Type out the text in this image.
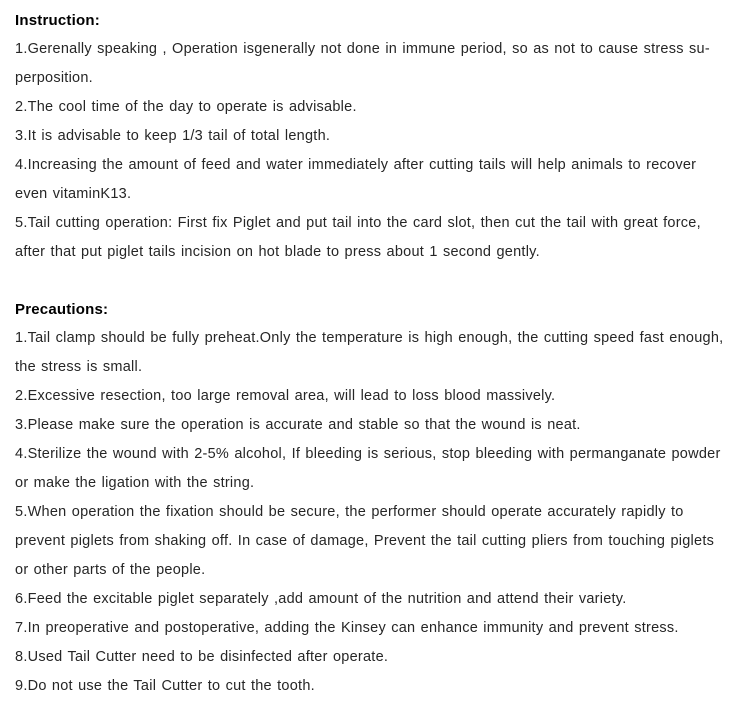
Instruction:

1.Gerenally speaking , Operation isgenerally not done in immune period, so as not to cause stress su-perposition.

2.The cool time of the day to operate is advisable.

3.It is advisable to keep 1/3 tail of total length.

4.Increasing the amount of feed and water immediately after cutting tails will help animals to recover even vitaminK13.

5.Tail cutting operation: First fix Piglet and put tail into the card slot, then cut the tail with great force, after that put piglet tails incision on hot blade to press about 1 second gently.

Precautions:

1.Tail clamp should be fully preheat.Only the temperature is high enough, the cutting speed fast enough, the stress is small.

2.Excessive resection, too large removal area, will lead to loss blood massively.

3.Please make sure the operation is accurate and stable so that the wound is neat.

4.Sterilize the wound with 2-5% alcohol, If bleeding is serious, stop bleeding with permanganate powder or make the ligation with the string.

5.When operation the fixation should be secure, the performer should operate accurately rapidly to prevent piglets from shaking off. In case of damage, Prevent the tail cutting pliers from touching piglets or other parts of the people.

6.Feed the excitable piglet separately ,add amount of the nutrition and attend their variety.

7.In preoperative and postoperative, adding the Kinsey can enhance immunity and prevent stress.

8.Used Tail Cutter need to be disinfected after operate.

9.Do not use the Tail Cutter to cut the tooth.
